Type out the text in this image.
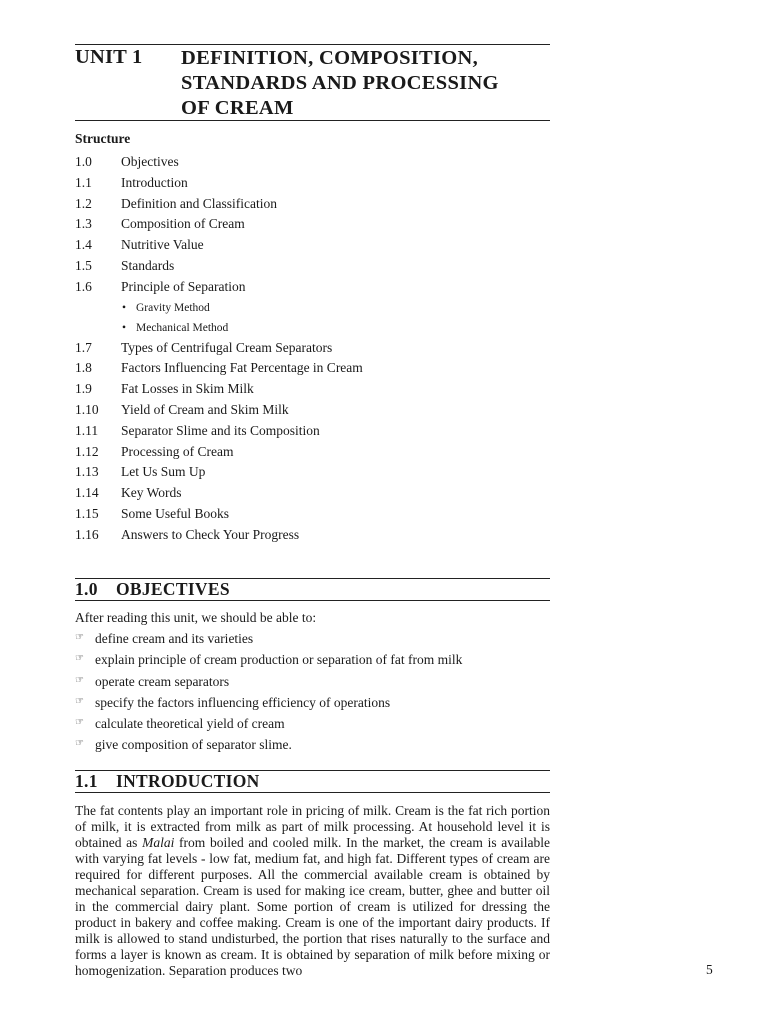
UNIT 1 DEFINITION, COMPOSITION,
STANDARDS AND PROCESSING
OF CREAM
Structure
1.0 Objectives
1.1 Introduction
1.2 Definition and Classification
1.3 Composition of Cream
1.4 Nutritive Value
1.5 Standards
1.6 Principle of Separation
• Gravity Method
• Mechanical Method
1.7 Types of Centrifugal Cream Separators
1.8 Factors Influencing Fat Percentage in Cream
1.9 Fat Losses in Skim Milk
1.10 Yield of Cream and Skim Milk
1.11 Separator Slime and its Composition
1.12 Processing of Cream
1.13 Let Us Sum Up
1.14 Key Words
1.15 Some Useful Books
1.16 Answers to Check Your Progress
1.0 OBJECTIVES
After reading this unit, we should be able to:
☞ define cream and its varieties
☞ explain principle of cream production or separation of fat from milk
☞ operate cream separators
☞ specify the factors influencing efficiency of operations
☞ calculate theoretical yield of cream
☞ give composition of separator slime.
1.1 INTRODUCTION

The fat contents play an important role in pricing of milk. Cream is the fat rich portion of milk, it is extracted from milk as part of milk processing. At household level it is obtained as Malai from boiled and cooled milk. In the market, the cream is available with varying fat levels - low fat, medium fat, and high fat. Different types of cream are required for different purposes. All the commercial available cream is obtained by mechanical separation. Cream is used for making ice cream, butter, ghee and butter oil in the commercial dairy plant. Some portion of cream is utilized for dressing the product in bakery and coffee making. Cream is one of the important dairy products. If milk is allowed to stand undisturbed, the portion that rises naturally to the surface and forms a layer is known as cream. It is obtained by separation of milk before mixing or homogenization. Separation produces two	5
